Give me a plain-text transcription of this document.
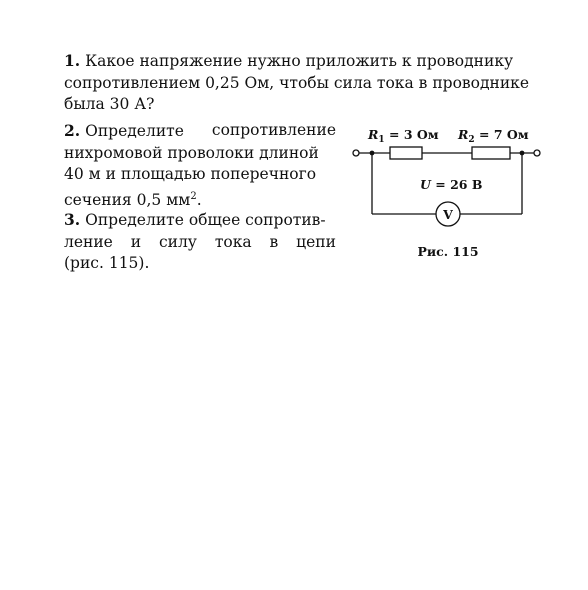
1. Какое напряжение нужно приложить к проводнику
сопротивлением 0,25 Ом, чтобы сила тока в проводнике
была 30 А?
2. Определите сопротивление
нихромовой проволоки длиной
40 м и площадью поперечного
сечения 0,5 $мм^2$.
3. Определите общее сопротив-
ление и силу тока в цепи
(рис. 115).
$R_1 = 3$ Ом $R_2 = 7$ Ом
U = 26 В
V
Рис. 115
